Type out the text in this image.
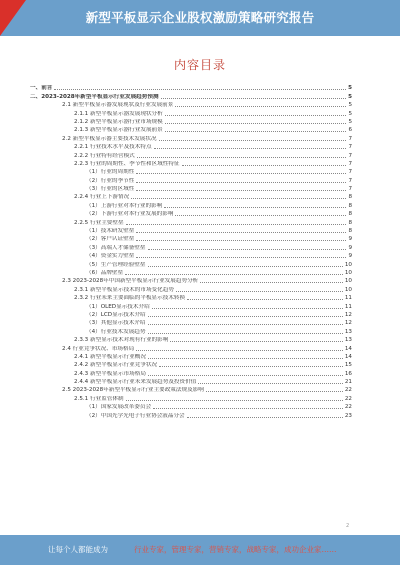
新型平板显示企业股权激励策略研究报告
内容目录
一、前言	5
二、2023-2028年新型平板显示行业发展趋势预测	5
2.1 新型平板显示器发展现状及行业发展前景	5
2.1.1 新型平板显示器发展现状分析	5
2.1.2 新型平板显示器行业市场规模	5
2.1.3 新型平板显示器行业发展前景	6
2.2 新型平板显示器主要技术发展状况	7
2.2.1 行业技术水平及技术特点	7
2.2.2 行业特有经营模式	7
2.2.3 行业的周期性、季节性和区域性特征	7
（1）行业的周期性	7
（2）行业的季节性	7
（3）行业的区域性	7
2.2.4 行业上下游情况	8
（1）上游行业对本行业的影响	8
（2）下游行业对本行业发展的影响	8
2.2.5 行业主要壁垒	8
（1）技术研发壁垒	8
（2）客户认证壁垒	9
（3）高端人才储备壁垒	9
（4）资金实力壁垒	9
（5）生产管理经验壁垒	10
（6）品牌壁垒	10
2.3 2023-2028年中国新型平板显示行业发展趋势分析	10
2.3.1 新型平板显示技术的市场变化趋势	10
2.3.2 行业未来主要面临的平板显示技术转换	11
（1）OLED显示技术介绍	11
（2）LCD显示技术介绍	12
（3）其他显示技术介绍	12
（4）行业技术发展趋势	13
2.3.3 新型显示技术对现有行业的影响	13
2.4 行业竞争状况、市场格局	14
2.4.1 新型平板显示行业概况	14
2.4.2 新型平板显示行业竞争状况	15
2.4.3 新型平板显示市场格局	16
2.4.4 新型平板显示行业未来发展趋势及投资价值	21
2.5 2023-2028年新型平板显示行业主要政策法规及影响	22
2.5.1 行业监管体制	22
（1）国家发展改革委员会	22
（2）中国光学光电子行业协会液晶分会	23
2
让每个人都能成为	行业专家，管理专家，营销专家，战略专家，成功企业家……
